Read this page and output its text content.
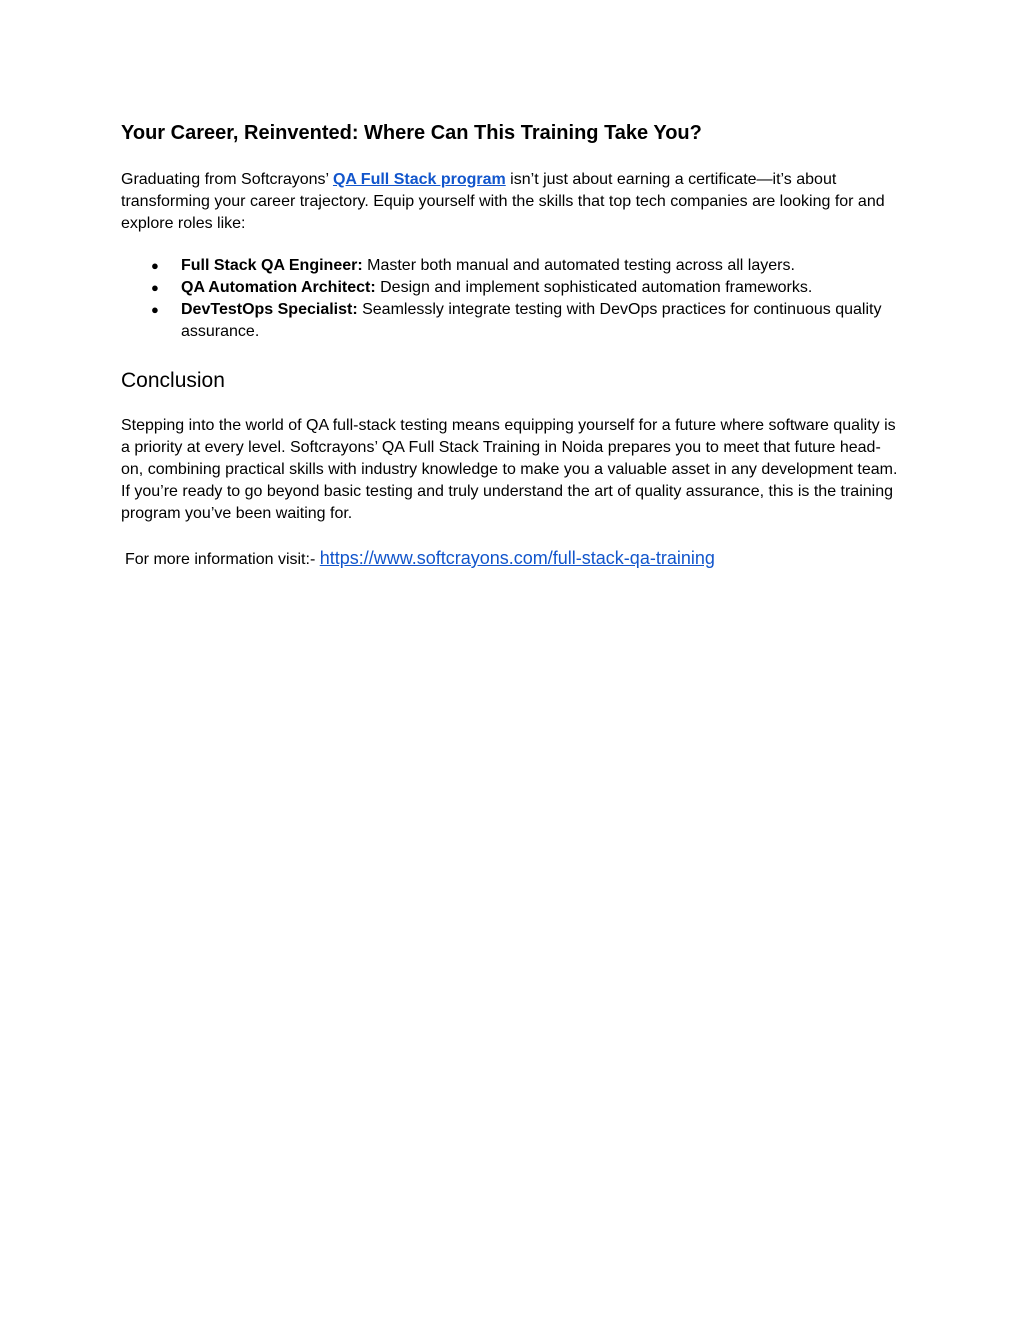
Your Career, Reinvented: Where Can This Training Take You?

Graduating from Softcrayons’ QA Full Stack program isn’t just about earning a certificate—it’s about transforming your career trajectory. Equip yourself with the skills that top tech companies are looking for and explore roles like:

● Full Stack QA Engineer: Master both manual and automated testing across all layers.
● QA Automation Architect: Design and implement sophisticated automation frameworks.
● DevTestOps Specialist: Seamlessly integrate testing with DevOps practices for continuous quality assurance.
Conclusion

Stepping into the world of QA full-stack testing means equipping yourself for a future where software quality is a priority at every level. Softcrayons’ QA Full Stack Training in Noida prepares you to meet that future head-on, combining practical skills with industry knowledge to make you a valuable asset in any development team. If you’re ready to go beyond basic testing and truly understand the art of quality assurance, this is the training program you’ve been waiting for.

For more information visit:- https://www.softcrayons.com/full-stack-qa-training
